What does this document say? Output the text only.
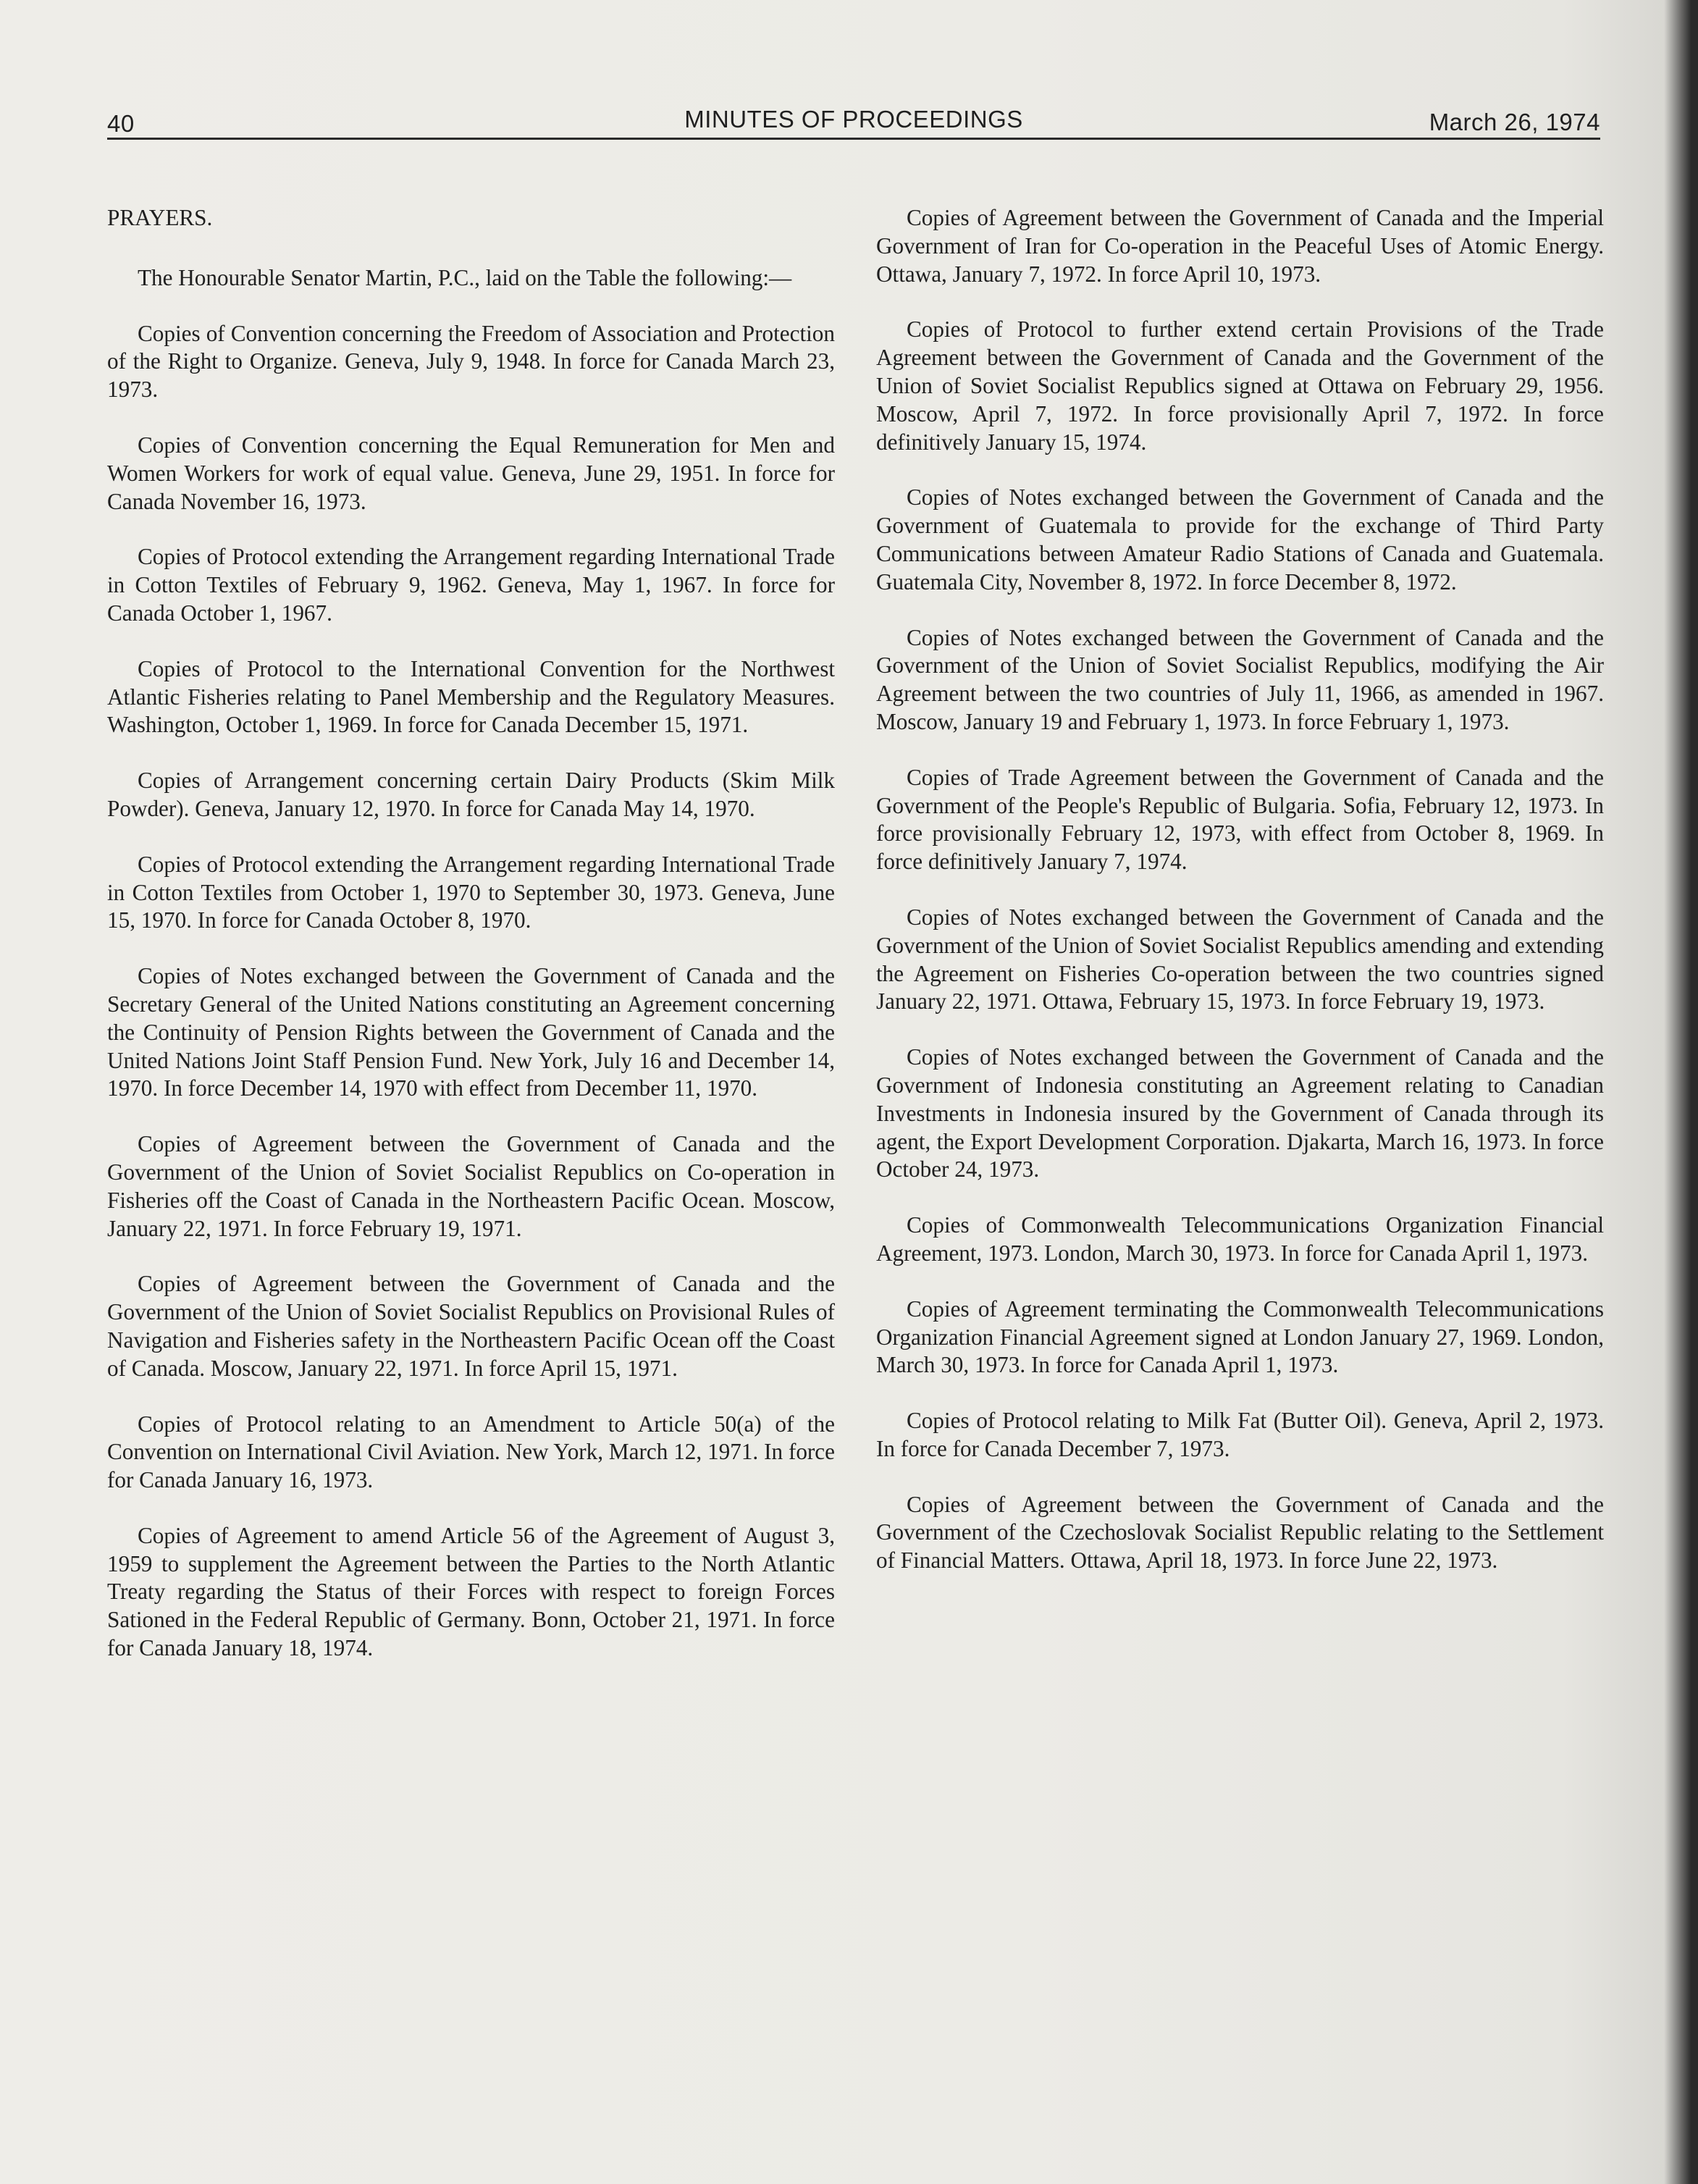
40	MINUTES OF PROCEEDINGS	March 26, 1974

PRAYERS.

The Honourable Senator Martin, P.C., laid on the Table the following:—

Copies of Convention concerning the Freedom of Association and Protection of the Right to Organize. Geneva, July 9, 1948. In force for Canada March 23, 1973.

Copies of Convention concerning the Equal Remuneration for Men and Women Workers for work of equal value. Geneva, June 29, 1951. In force for Canada November 16, 1973.

Copies of Protocol extending the Arrangement regarding International Trade in Cotton Textiles of February 9, 1962. Geneva, May 1, 1967. In force for Canada October 1, 1967.

Copies of Protocol to the International Convention for the Northwest Atlantic Fisheries relating to Panel Membership and the Regulatory Measures. Washington, October 1, 1969. In force for Canada December 15, 1971.

Copies of Arrangement concerning certain Dairy Products (Skim Milk Powder). Geneva, January 12, 1970. In force for Canada May 14, 1970.

Copies of Protocol extending the Arrangement regarding International Trade in Cotton Textiles from October 1, 1970 to September 30, 1973. Geneva, June 15, 1970. In force for Canada October 8, 1970.

Copies of Notes exchanged between the Government of Canada and the Secretary General of the United Nations constituting an Agreement concerning the Continuity of Pension Rights between the Government of Canada and the United Nations Joint Staff Pension Fund. New York, July 16 and December 14, 1970. In force December 14, 1970 with effect from December 11, 1970.

Copies of Agreement between the Government of Canada and the Government of the Union of Soviet Socialist Republics on Co-operation in Fisheries off the Coast of Canada in the Northeastern Pacific Ocean. Moscow, January 22, 1971. In force February 19, 1971.

Copies of Agreement between the Government of Canada and the Government of the Union of Soviet Socialist Republics on Provisional Rules of Navigation and Fisheries safety in the Northeastern Pacific Ocean off the Coast of Canada. Moscow, January 22, 1971. In force April 15, 1971.

Copies of Protocol relating to an Amendment to Article 50(a) of the Convention on International Civil Aviation. New York, March 12, 1971. In force for Canada January 16, 1973.

Copies of Agreement to amend Article 56 of the Agreement of August 3, 1959 to supplement the Agreement between the Parties to the North Atlantic Treaty regarding the Status of their Forces with respect to foreign Forces Sationed in the Federal Republic of Germany. Bonn, October 21, 1971. In force for Canada January 18, 1974.

Copies of Agreement between the Government of Canada and the Imperial Government of Iran for Co-operation in the Peaceful Uses of Atomic Energy. Ottawa, January 7, 1972. In force April 10, 1973.

Copies of Protocol to further extend certain Provisions of the Trade Agreement between the Government of Canada and the Government of the Union of Soviet Socialist Republics signed at Ottawa on February 29, 1956. Moscow, April 7, 1972. In force provisionally April 7, 1972. In force definitively January 15, 1974.

Copies of Notes exchanged between the Government of Canada and the Government of Guatemala to provide for the exchange of Third Party Communications between Amateur Radio Stations of Canada and Guatemala. Guatemala City, November 8, 1972. In force December 8, 1972.

Copies of Notes exchanged between the Government of Canada and the Government of the Union of Soviet Socialist Republics, modifying the Air Agreement between the two countries of July 11, 1966, as amended in 1967. Moscow, January 19 and February 1, 1973. In force February 1, 1973.

Copies of Trade Agreement between the Government of Canada and the Government of the People's Republic of Bulgaria. Sofia, February 12, 1973. In force provisionally February 12, 1973, with effect from October 8, 1969. In force definitively January 7, 1974.

Copies of Notes exchanged between the Government of Canada and the Government of the Union of Soviet Socialist Republics amending and extending the Agreement on Fisheries Co-operation between the two countries signed January 22, 1971. Ottawa, February 15, 1973. In force February 19, 1973.

Copies of Notes exchanged between the Government of Canada and the Government of Indonesia constituting an Agreement relating to Canadian Investments in Indonesia insured by the Government of Canada through its agent, the Export Development Corporation. Djakarta, March 16, 1973. In force October 24, 1973.

Copies of Commonwealth Telecommunications Organization Financial Agreement, 1973. London, March 30, 1973. In force for Canada April 1, 1973.

Copies of Agreement terminating the Commonwealth Telecommunications Organization Financial Agreement signed at London January 27, 1969. London, March 30, 1973. In force for Canada April 1, 1973.

Copies of Protocol relating to Milk Fat (Butter Oil). Geneva, April 2, 1973. In force for Canada December 7, 1973.

Copies of Agreement between the Government of Canada and the Government of the Czechoslovak Socialist Republic relating to the Settlement of Financial Matters. Ottawa, April 18, 1973. In force June 22, 1973.
